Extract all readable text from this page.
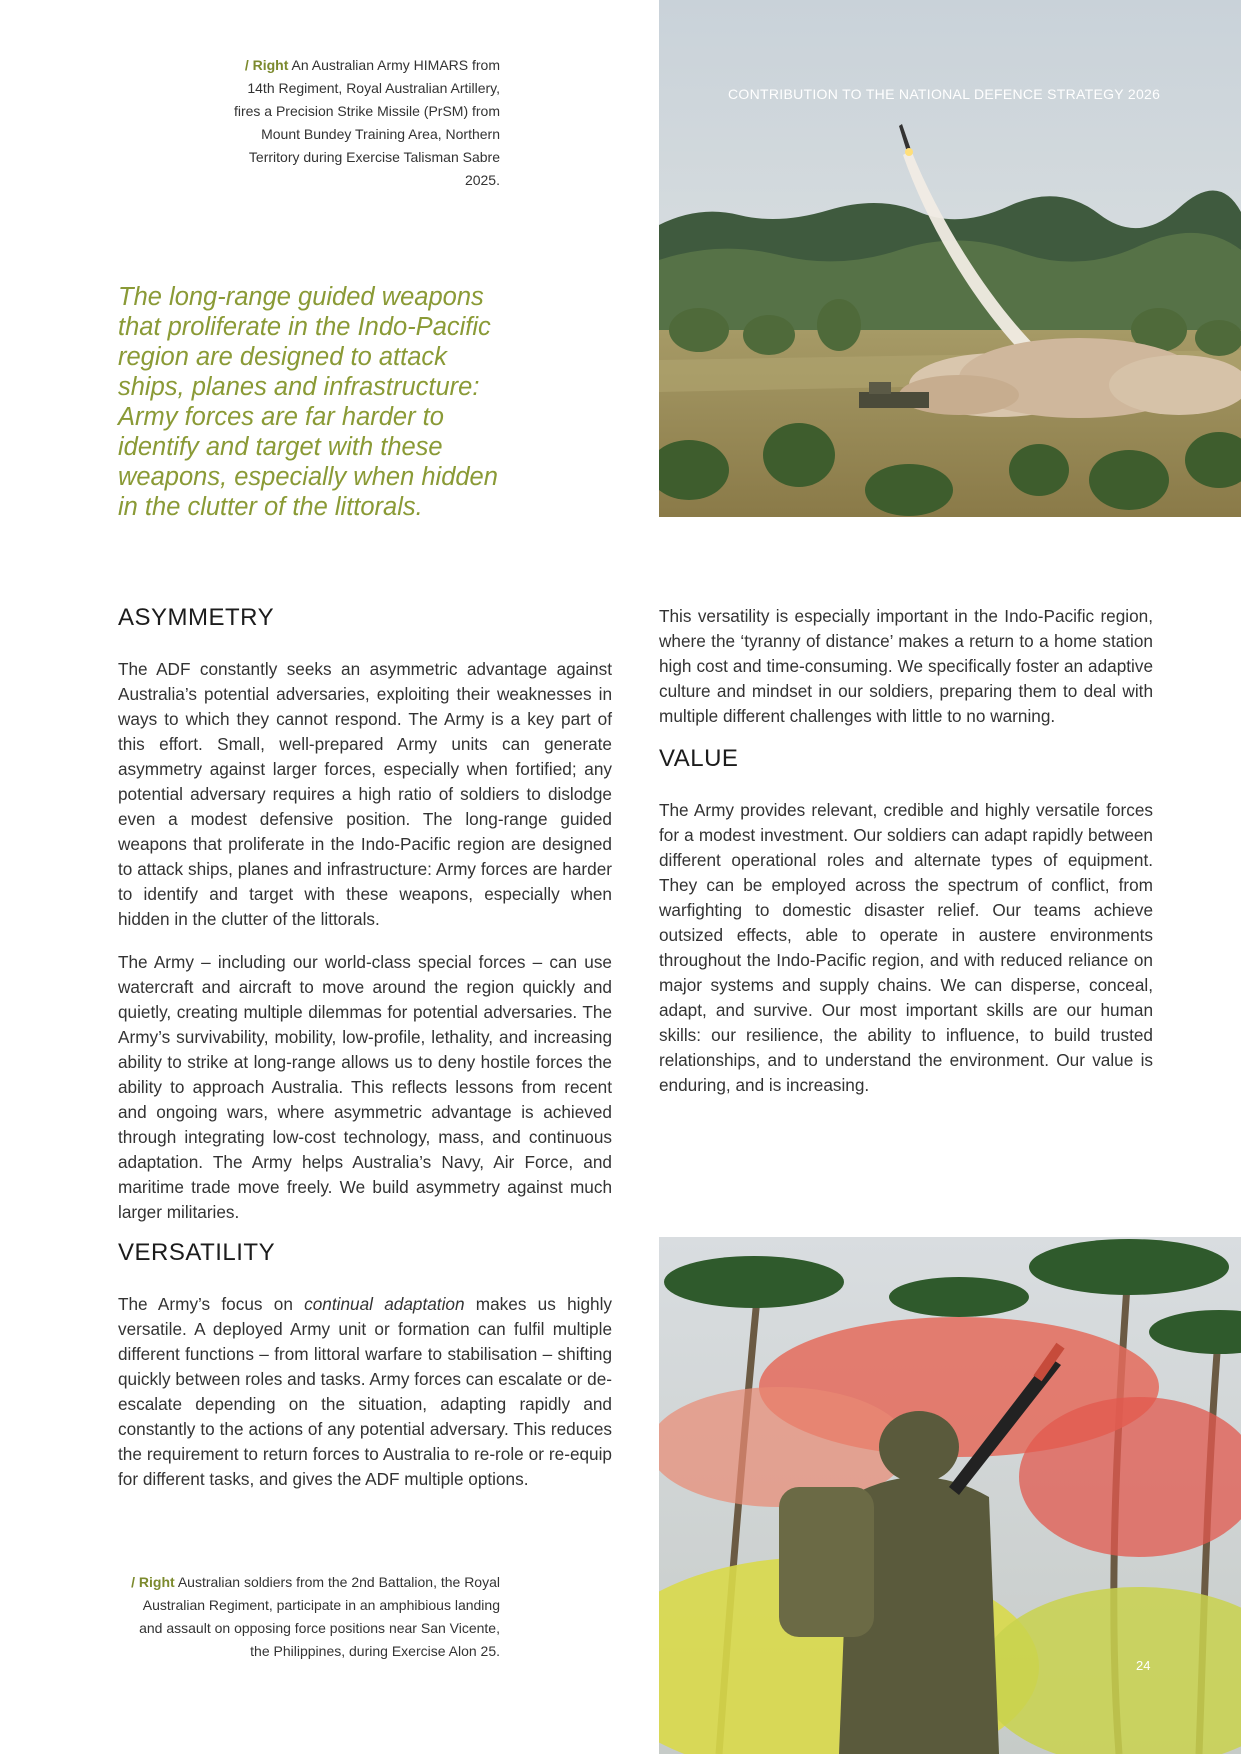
CONTRIBUTION TO THE NATIONAL DEFENCE STRATEGY 2026
/ Right An Australian Army HIMARS from 14th Regiment, Royal Australian Artillery, fires a Precision Strike Missile (PrSM) from Mount Bundey Training Area, Northern Territory during Exercise Talisman Sabre 2025.
The long-range guided weapons that proliferate in the Indo-Pacific region are designed to attack ships, planes and infrastructure: Army forces are far harder to identify and target with these weapons, especially when hidden in the clutter of the littorals.
ASYMMETRY

The ADF constantly seeks an asymmetric advantage against Australia’s potential adversaries, exploiting their weaknesses in ways to which they cannot respond. The Army is a key part of this effort. Small, well-prepared Army units can generate asymmetry against larger forces, especially when fortified; any potential adversary requires a high ratio of soldiers to dislodge even a modest defensive position. The long-range guided weapons that proliferate in the Indo-Pacific region are designed to attack ships, planes and infrastructure: Army forces are harder to identify and target with these weapons, especially when hidden in the clutter of the littorals.

The Army – including our world-class special forces – can use watercraft and aircraft to move around the region quickly and quietly, creating multiple dilemmas for potential adversaries. The Army’s survivability, mobility, low-profile, lethality, and increasing ability to strike at long-range allows us to deny hostile forces the ability to approach Australia. This reflects lessons from recent and ongoing wars, where asymmetric advantage is achieved through integrating low-cost technology, mass, and continuous adaptation. The Army helps Australia’s Navy, Air Force, and maritime trade move freely. We build asymmetry against much larger militaries.

VERSATILITY

The Army’s focus on continual adaptation makes us highly versatile. A deployed Army unit or formation can fulfil multiple different functions – from littoral warfare to stabilisation – shifting quickly between roles and tasks. Army forces can escalate or de-escalate depending on the situation, adapting rapidly and constantly to the actions of any potential adversary. This reduces the requirement to return forces to Australia to re-role or re-equip for different tasks, and gives the ADF multiple options.

/ Right Australian soldiers from the 2nd Battalion, the Royal Australian Regiment, participate in an amphibious landing and assault on opposing force positions near San Vicente, the Philippines, during Exercise Alon 25.

This versatility is especially important in the Indo-Pacific region, where the ‘tyranny of distance’ makes a return to a home station high cost and time-consuming. We specifically foster an adaptive culture and mindset in our soldiers, preparing them to deal with multiple different challenges with little to no warning.

VALUE

The Army provides relevant, credible and highly versatile forces for a modest investment. Our soldiers can adapt rapidly between different operational roles and alternate types of equipment. They can be employed across the spectrum of conflict, from warfighting to domestic disaster relief. Our teams achieve outsized effects, able to operate in austere environments throughout the Indo-Pacific region, and with reduced reliance on major systems and supply chains. We can disperse, conceal, adapt, and survive. Our most important skills are our human skills: our resilience, the ability to influence, to build trusted relationships, and to understand the environment. Our value is enduring, and is increasing.

24
